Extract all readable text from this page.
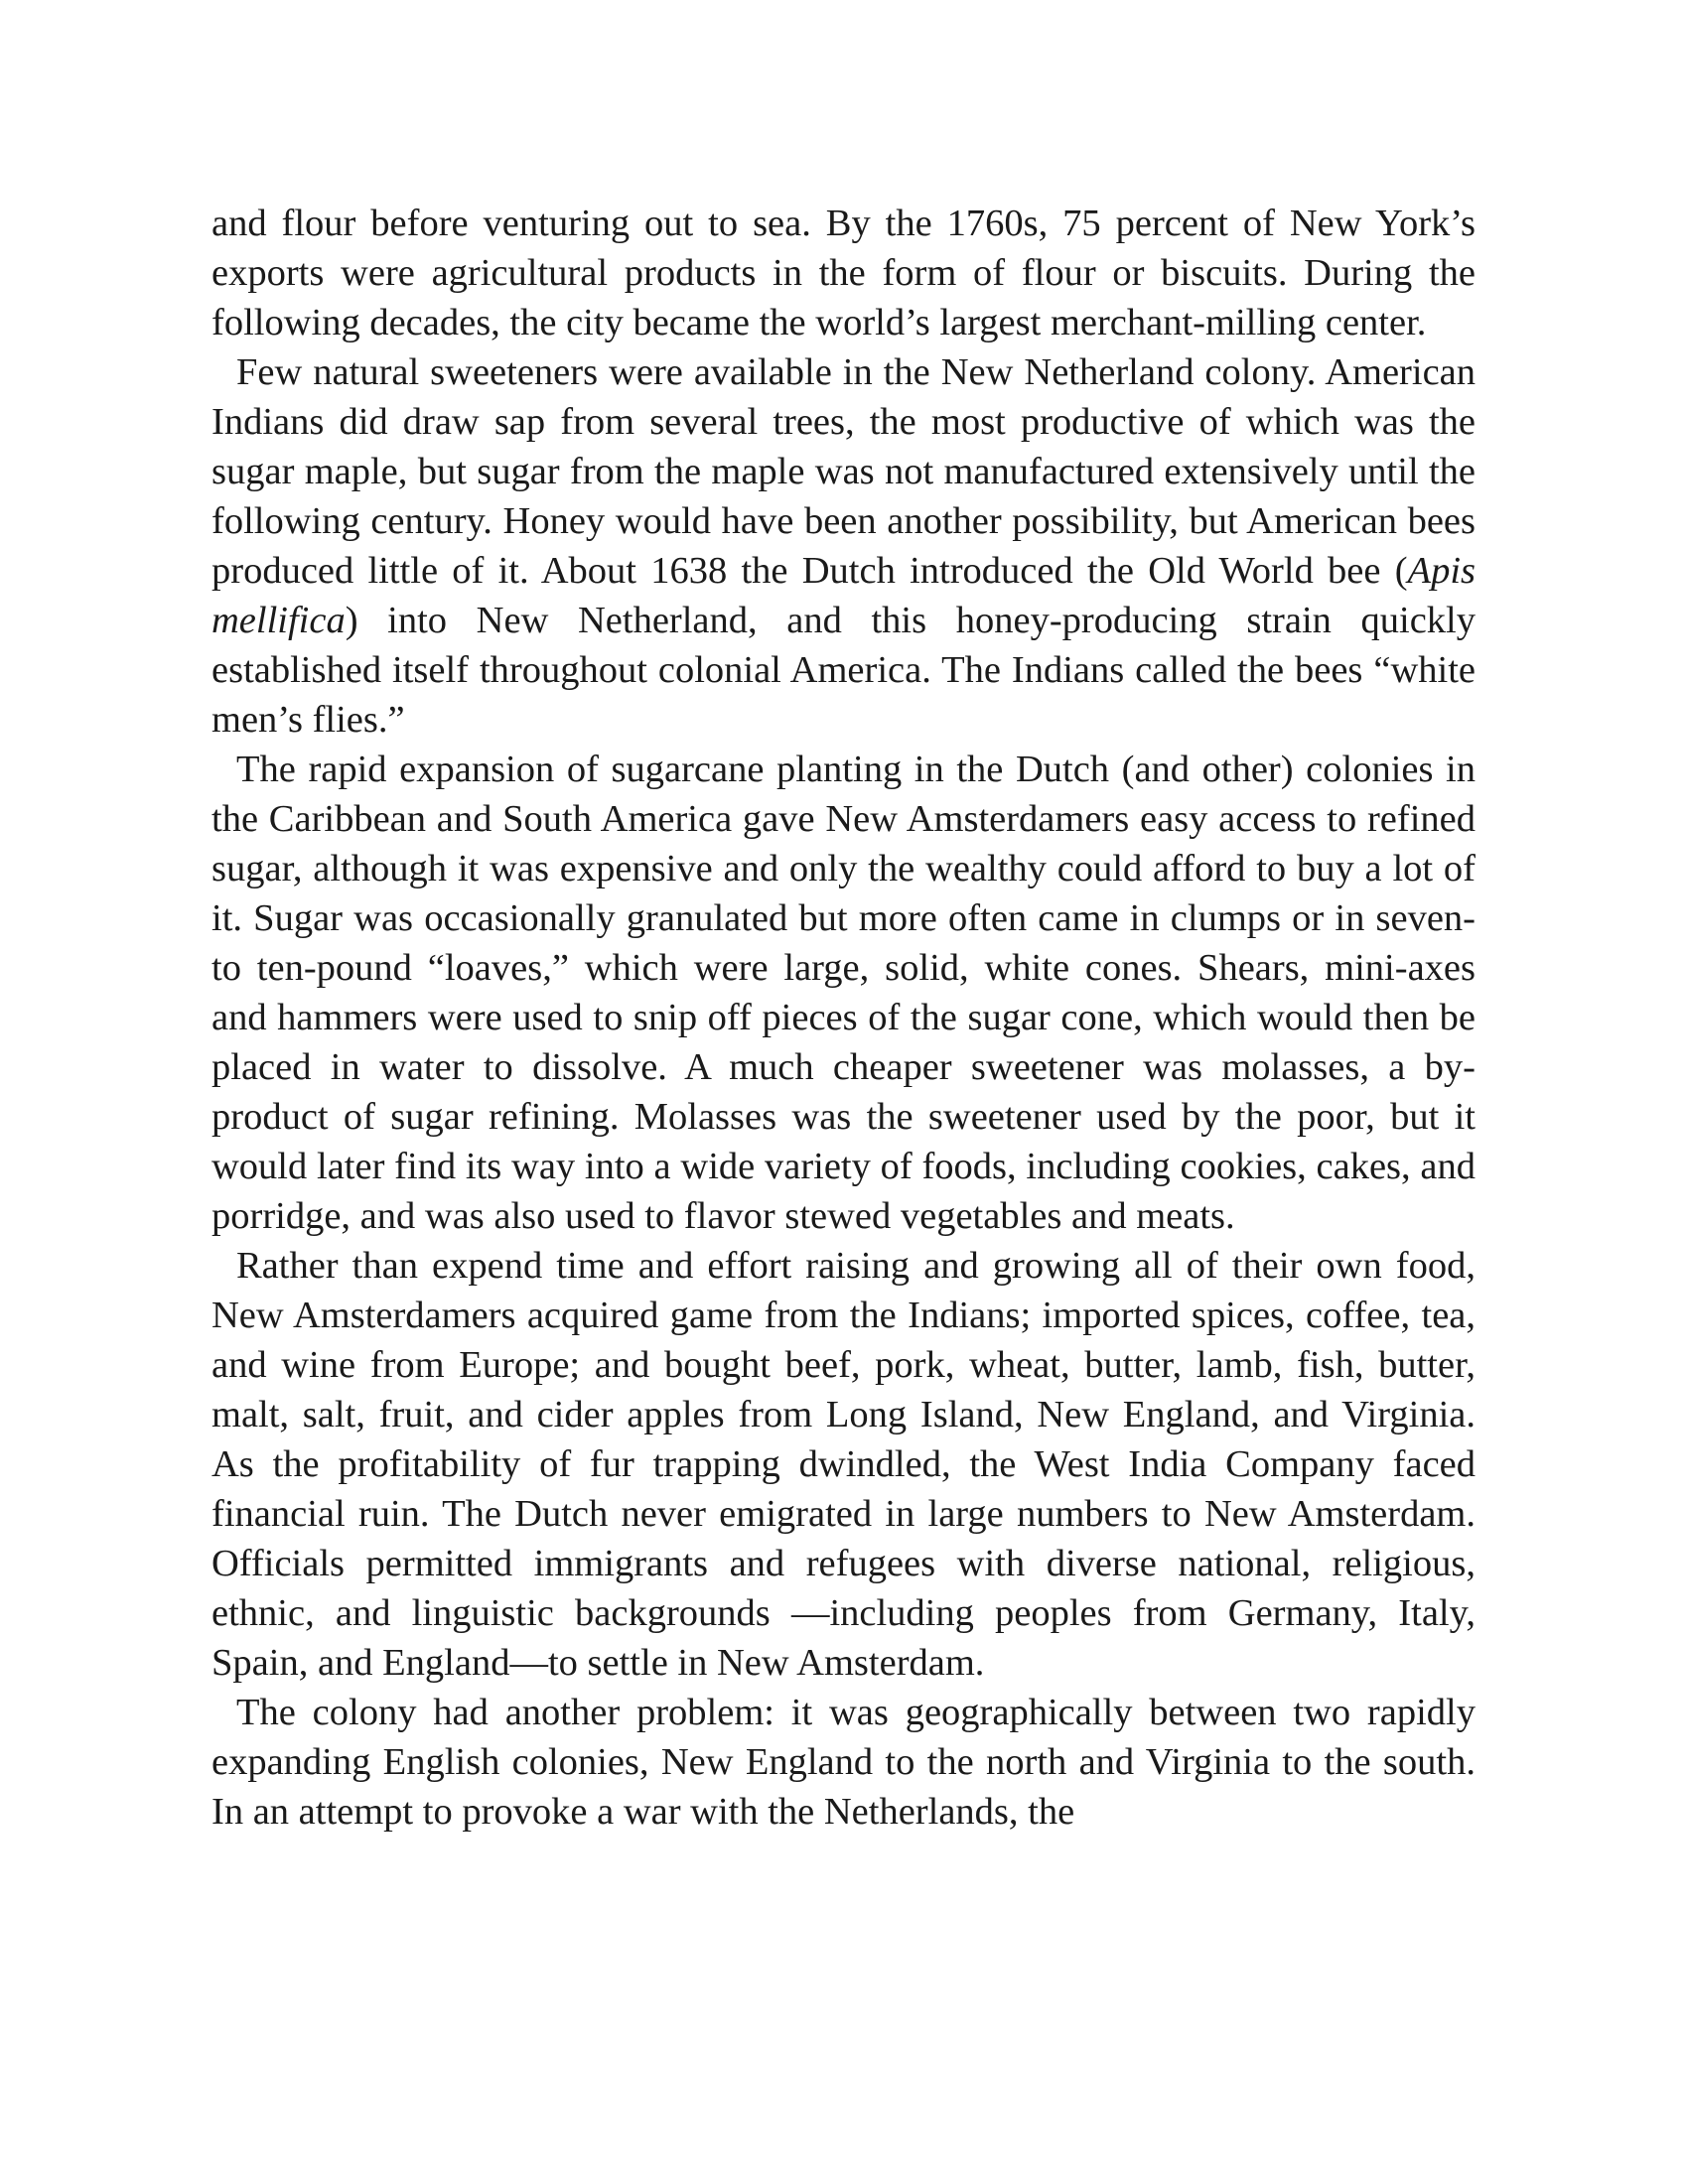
and flour before venturing out to sea. By the 1760s, 75 percent of New York’s exports were agricultural products in the form of flour or biscuits. During the following decades, the city became the world’s largest merchant-milling center.

Few natural sweeteners were available in the New Netherland colony. American Indians did draw sap from several trees, the most productive of which was the sugar maple, but sugar from the maple was not manufactured extensively until the following century. Honey would have been another possibility, but American bees produced little of it. About 1638 the Dutch introduced the Old World bee (Apis mellifica) into New Netherland, and this honey-producing strain quickly established itself throughout colonial America. The Indians called the bees “white men’s flies.”

The rapid expansion of sugarcane planting in the Dutch (and other) colonies in the Caribbean and South America gave New Amsterdamers easy access to refined sugar, although it was expensive and only the wealthy could afford to buy a lot of it. Sugar was occasionally granulated but more often came in clumps or in seven- to ten-pound “loaves,” which were large, solid, white cones. Shears, mini-axes and hammers were used to snip off pieces of the sugar cone, which would then be placed in water to dissolve. A much cheaper sweetener was molasses, a by-product of sugar refining. Molasses was the sweetener used by the poor, but it would later find its way into a wide variety of foods, including cookies, cakes, and porridge, and was also used to flavor stewed vegetables and meats.

Rather than expend time and effort raising and growing all of their own food, New Amsterdamers acquired game from the Indians; imported spices, coffee, tea, and wine from Europe; and bought beef, pork, wheat, butter, lamb, fish, butter, malt, salt, fruit, and cider apples from Long Island, New England, and Virginia. As the profitability of fur trapping dwindled, the West India Company faced financial ruin. The Dutch never emigrated in large numbers to New Amsterdam. Officials permitted immigrants and refugees with diverse national, religious, ethnic, and linguistic backgrounds —including peoples from Germany, Italy, Spain, and England—to settle in New Amsterdam.

The colony had another problem: it was geographically between two rapidly expanding English colonies, New England to the north and Virginia to the south. In an attempt to provoke a war with the Netherlands, the
